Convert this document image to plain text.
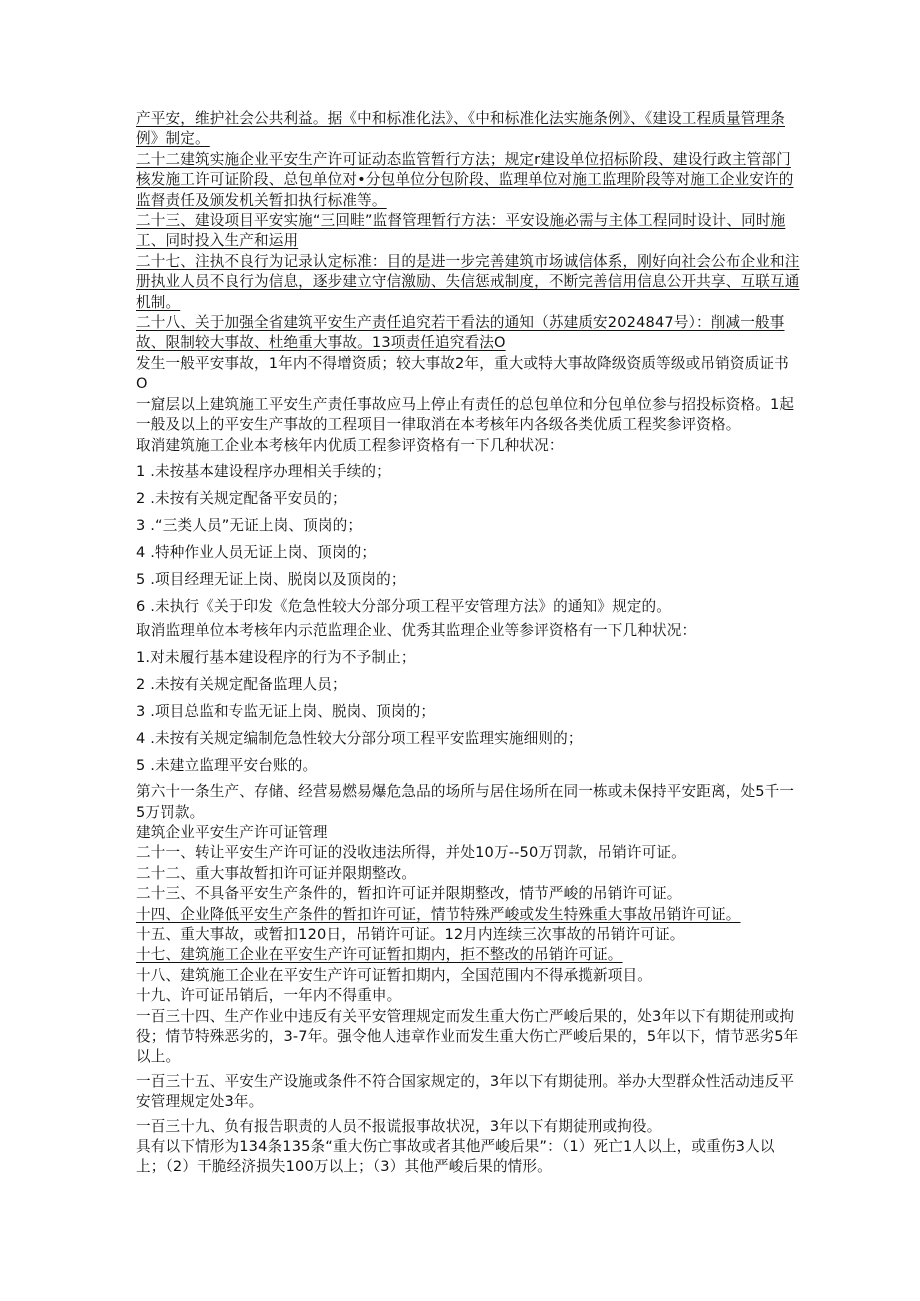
产平安，维护社会公共利益。据《中和标准化法》、《中和标准化法实施条例》、《建设工程质量管理条例》制定。

二十二建筑实施企业平安生产许可证动态监管暂行方法；规定r建设单位招标阶段、建设行政主管部门核发施工许可证阶段、总包单位对•分包单位分包阶段、监理单位对施工监理阶段等对施工企业安许的监督责任及颁发机关暂扣执行标准等。

二十三、建设项目平安实施“三回畦”监督管理暂行方法：平安设施必需与主体工程同时设计、同时施工、同时投入生产和运用

二十七、注执不良行为记录认定标准：目的是进一步完善建筑市场诚信体系，刚好向社会公布企业和注册执业人员不良行为信息，逐步建立守信激励、失信惩戒制度，不断完善信用信息公开共享、互联互通机制。

二十八、关于加强全省建筑平安生产责任追究若干看法的通知（苏建质安2024847号）：削减一般事故、限制较大事故、杜绝重大事故。13项责任追究看法O

发生一般平安事故，1年内不得增资质；较大事故2年，重大或特大事故降级资质等级或吊销资质证书O

一窟层以上建筑施工平安生产责任事故应马上停止有责任的总包单位和分包单位参与招投标资格。1起一般及以上的平安生产事故的工程项目一律取消在本考核年内各级各类优质工程奖参评资格。

取消建筑施工企业本考核年内优质工程参评资格有一下几种状况：

1 .未按基本建设程序办理相关手续的；

2 .未按有关规定配备平安员的；

3 .“三类人员”无证上岗、顶岗的；

4 .特种作业人员无证上岗、顶岗的；

5 .项目经理无证上岗、脱岗以及顶岗的；

6 .未执行《关于印发《危急性较大分部分项工程平安管理方法》的通知》规定的。

取消监理单位本考核年内示范监理企业、优秀其监理企业等参评资格有一下几种状况：

1.对未履行基本建设程序的行为不予制止；

2 .未按有关规定配备监理人员；

3 .项目总监和专监无证上岗、脱岗、顶岗的；

4 .未按有关规定编制危急性较大分部分项工程平安监理实施细则的；

5 .未建立监理平安台账的。

第六十一条生产、存储、经营易燃易爆危急品的场所与居住场所在同一栋或未保持平安距离，处5千一5万罚款。

建筑企业平安生产许可证管理

二十一、转让平安生产许可证的没收违法所得，并处10万--50万罚款，吊销许可证。

二十二、重大事故暂扣许可证并限期整改。

二十三、不具备平安生产条件的，暂扣许可证并限期整改，情节严峻的吊销许可证。

十四、企业降低平安生产条件的暂扣许可证，情节特殊严峻或发生特殊重大事故吊销许可证。

十五、重大事故，或暂扣120日，吊销许可证。12月内连续三次事故的吊销许可证。

十七、建筑施工企业在平安生产许可证暂扣期内，拒不整改的吊销许可证。

十八、建筑施工企业在平安生产许可证暂扣期内，全国范围内不得承揽新项目。

十九、许可证吊销后，一年内不得重申。

一百三十四、生产作业中违反有关平安管理规定而发生重大伤亡严峻后果的，处3年以下有期徒刑或拘役；情节特殊恶劣的，3-7年。强令他人违章作业而发生重大伤亡严峻后果的，5年以下，情节恶劣5年以上。

一百三十五、平安生产设施或条件不符合国家规定的，3年以下有期徒刑。举办大型群众性活动违反平安管理规定处3年。

一百三十九、负有报告职责的人员不报谎报事故状况，3年以下有期徒刑或拘役。

具有以下情形为134条135条“重大伤亡事故或者其他严峻后果”：（1）死亡1人以上，或重伤3人以上；（2）干脆经济损失100万以上；（3）其他严峻后果的情形。
